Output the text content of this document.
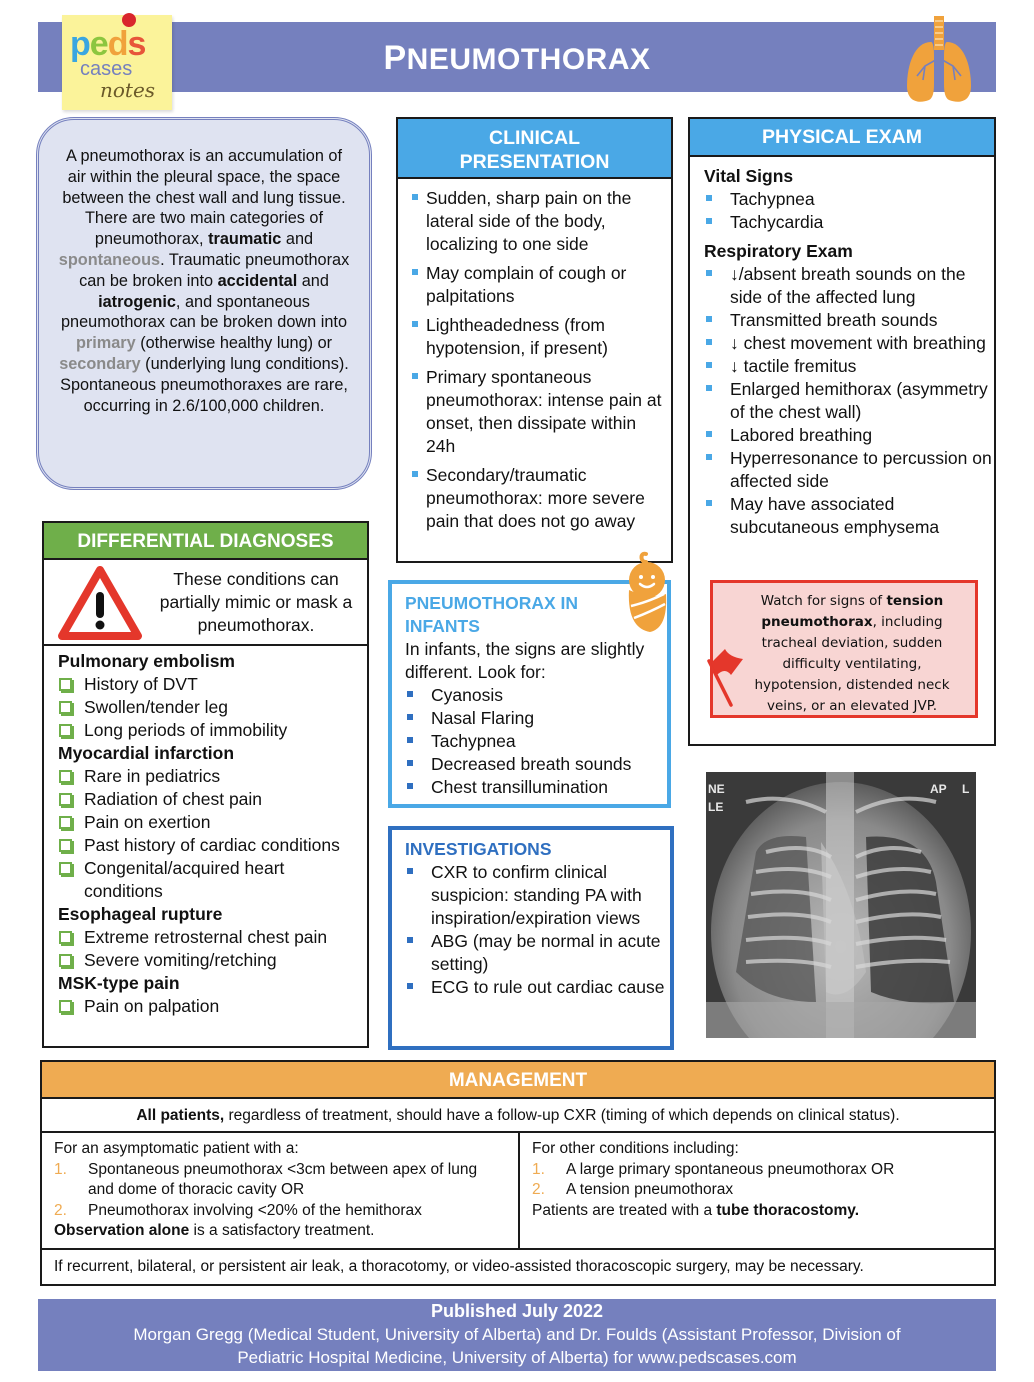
PNEUMOTHORAX
peds
cases
notes
A pneumothorax is an accumulation of air within the pleural space, the space between the chest wall and lung tissue. There are two main categories of pneumothorax, traumatic and spontaneous. Traumatic pneumothorax can be broken into accidental and iatrogenic, and spontaneous pneumothorax can be broken down into primary (otherwise healthy lung) or secondary (underlying lung conditions). Spontaneous pneumothoraxes are rare, occurring in 2.6/100,000 children.
DIFFERENTIAL DIAGNOSES
These conditions can partially mimic or mask a pneumothorax.
Pulmonary embolism
History of DVT
Swollen/tender leg
Long periods of immobility
Myocardial infarction
Rare in pediatrics
Radiation of chest pain
Pain on exertion
Past history of cardiac conditions
Congenital/acquired heart conditions
Esophageal rupture
Extreme retrosternal chest pain
Severe vomiting/retching
MSK-type pain
Pain on palpation
CLINICAL
PRESENTATION
Sudden, sharp pain on the lateral side of the body, localizing to one side
May complain of cough or palpitations
Lightheadedness (from hypotension, if present)
Primary spontaneous pneumothorax: intense pain at onset, then dissipate within 24h
Secondary/traumatic pneumothorax: more severe pain that does not go away
PNEUMOTHORAX IN INFANTS
In infants, the signs are slightly different. Look for:
Cyanosis
Nasal Flaring
Tachypnea
Decreased breath sounds
Chest transillumination
INVESTIGATIONS
CXR to confirm clinical suspicion: standing PA with inspiration/expiration views
ABG (may be normal in acute setting)
ECG to rule out cardiac cause
PHYSICAL EXAM
Vital Signs
Tachypnea
Tachycardia
Respiratory Exam
↓/absent breath sounds on the side of the affected lung
Transmitted breath sounds
↓ chest movement with breathing
↓ tactile fremitus
Enlarged hemithorax (asymmetry of the chest wall)
Labored breathing
Hyperresonance to percussion on affected side
May have associated subcutaneous emphysema
Watch for signs of tension pneumothorax, including tracheal deviation, sudden difficulty ventilating, hypotension, distended neck veins, or an elevated JVP.
NE
LE
AP L
MANAGEMENT
All patients, regardless of treatment, should have a follow-up CXR (timing of which depends on clinical status).
For an asymptomatic patient with a:
1. Spontaneous pneumothorax <3cm between apex of lung and dome of thoracic cavity OR
2. Pneumothorax involving <20% of the hemithorax
Observation alone is a satisfactory treatment.
For other conditions including:
1. A large primary spontaneous pneumothorax OR
2. A tension pneumothorax
Patients are treated with a tube thoracostomy.
If recurrent, bilateral, or persistent air leak, a thoracotomy, or video-assisted thoracoscopic surgery, may be necessary.
Published July 2022
Morgan Gregg (Medical Student, University of Alberta) and Dr. Foulds (Assistant Professor, Division of
Pediatric Hospital Medicine, University of Alberta) for www.pedscases.com
